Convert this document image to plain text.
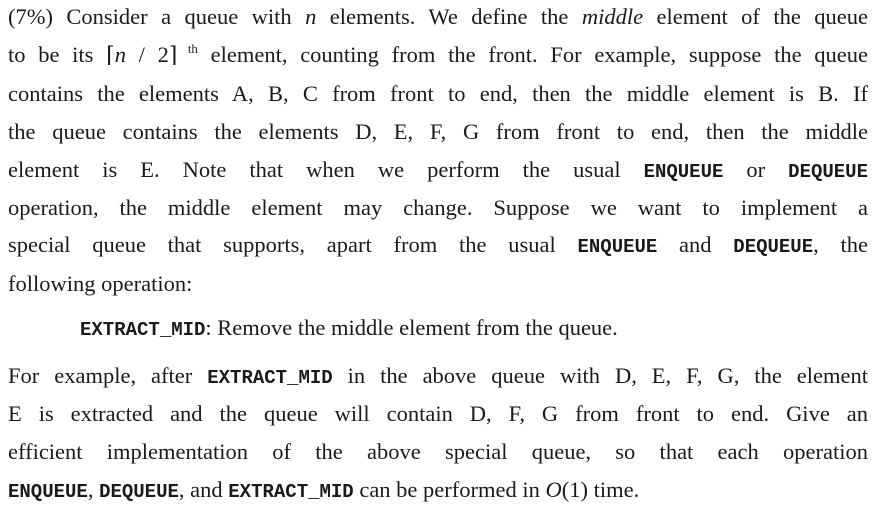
(7%) Consider a queue with n elements. We define the middle element of the queue
to be its ⌈n / 2⌉ $^{th}$ element, counting from the front. For example, suppose the queue
contains the elements A, B, C from front to end, then the middle element is B. If
the queue contains the elements D, E, F, G from front to end, then the middle
element is E. Note that when we perform the usual ENQUEUE or DEQUEUE
operation, the middle element may change. Suppose we want to implement a
special queue that supports, apart from the usual ENQUEUE and DEQUEUE, the
following operation:
EXTRACT_MID: Remove the middle element from the queue.
For example, after EXTRACT_MID in the above queue with D, E, F, G, the element
E is extracted and the queue will contain D, F, G from front to end. Give an
efficient implementation of the above special queue, so that each operation
ENQUEUE, DEQUEUE, and EXTRACT_MID can be performed in O(1) time.
